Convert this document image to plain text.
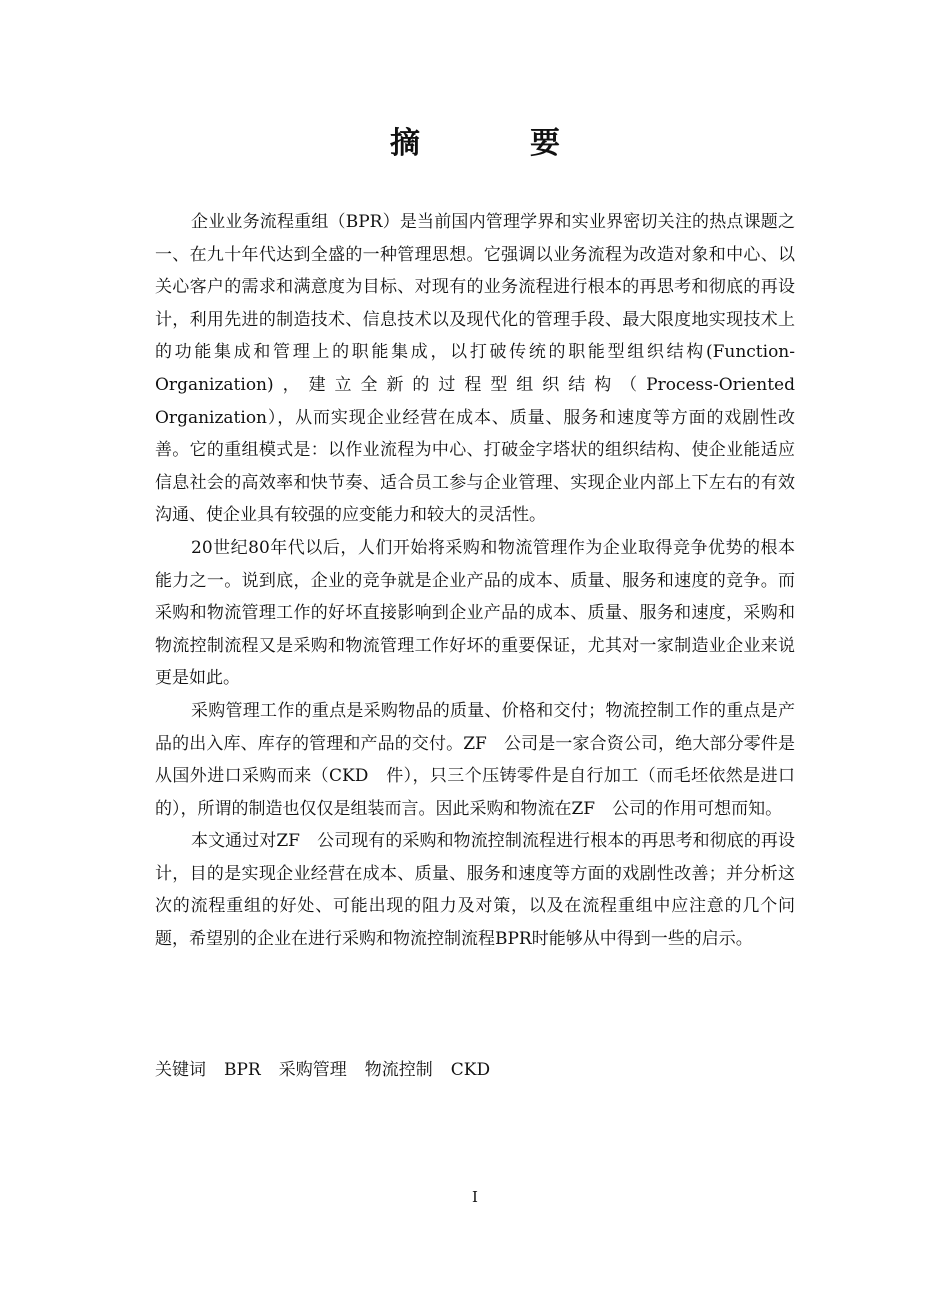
摘　要

企业业务流程重组（BPR）是当前国内管理学界和实业界密切关注的热点课题之一、在九十年代达到全盛的一种管理思想。它强调以业务流程为改造对象和中心、以关心客户的需求和满意度为目标、对现有的业务流程进行根本的再思考和彻底的再设计，利用先进的制造技术、信息技术以及现代化的管理手段、最大限度地实现技术上的功能集成和管理上的职能集成，以打破传统的职能型组织结构(Function-Organization)，建立全新的过程型组织结构（Process-Oriented Organization），从而实现企业经营在成本、质量、服务和速度等方面的戏剧性改善。它的重组模式是：以作业流程为中心、打破金字塔状的组织结构、使企业能适应信息社会的高效率和快节奏、适合员工参与企业管理、实现企业内部上下左右的有效沟通、使企业具有较强的应变能力和较大的灵活性。

20世纪80年代以后，人们开始将采购和物流管理作为企业取得竞争优势的根本能力之一。说到底，企业的竞争就是企业产品的成本、质量、服务和速度的竞争。而采购和物流管理工作的好坏直接影响到企业产品的成本、质量、服务和速度，采购和物流控制流程又是采购和物流管理工作好坏的重要保证，尤其对一家制造业企业来说更是如此。

采购管理工作的重点是采购物品的质量、价格和交付；物流控制工作的重点是产品的出入库、库存的管理和产品的交付。ZF　公司是一家合资公司，绝大部分零件是从国外进口采购而来（CKD　件），只三个压铸零件是自行加工（而毛坯依然是进口的），所谓的制造也仅仅是组装而言。因此采购和物流在ZF　公司的作用可想而知。

本文通过对ZF　公司现有的采购和物流控制流程进行根本的再思考和彻底的再设计，目的是实现企业经营在成本、质量、服务和速度等方面的戏剧性改善；并分析这次的流程重组的好处、可能出现的阻力及对策，以及在流程重组中应注意的几个问题，希望别的企业在进行采购和物流控制流程BPR时能够从中得到一些的启示。

关键词 BPR 采购管理 物流控制 CKD
I
